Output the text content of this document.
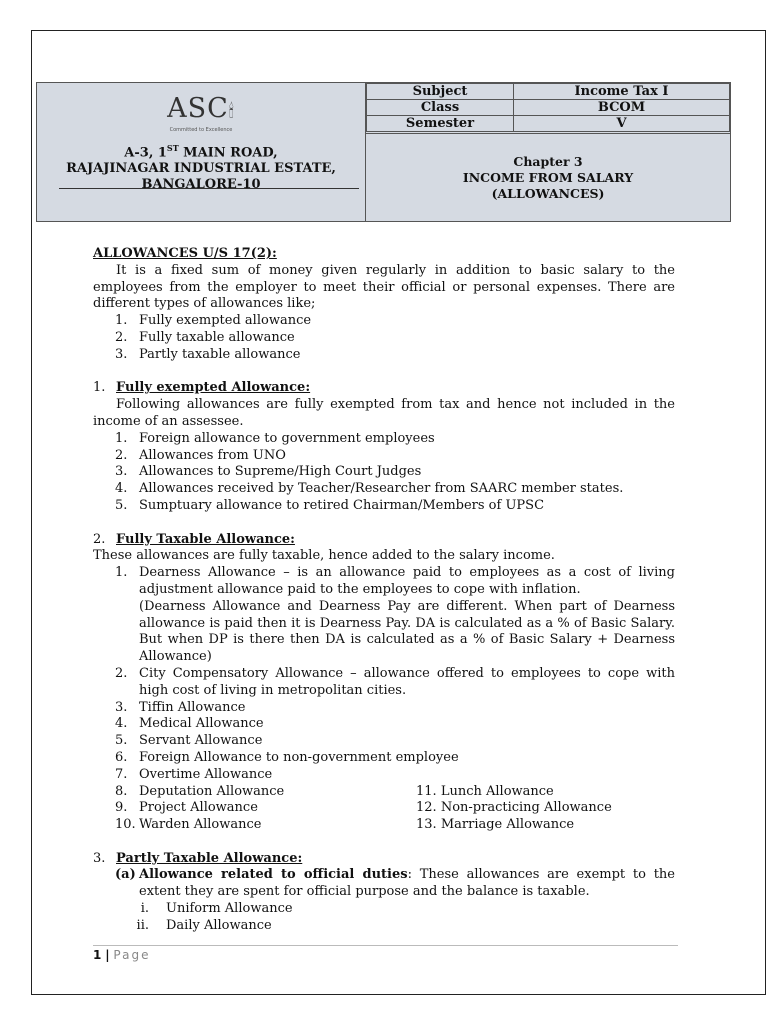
ASC🕯
Committed to Excellence
A-3, 1ST MAIN ROAD,
RAJAJINAGAR INDUSTRIAL ESTATE,
BANGALORE-10
Subject	Income Tax I
Class	BCOM
Semester	V
Chapter 3
INCOME FROM SALARY
(ALLOWANCES)

ALLOWANCES U/S 17(2):

It is a fixed sum of money given regularly in addition to basic salary to the employees from the employer to meet their official or personal expenses. There are different types of allowances like;

1. Fully exempted allowance
2. Fully taxable allowance
3. Partly taxable allowance
1. Fully exempted Allowance:

Following allowances are fully exempted from tax and hence not included in the income of an assessee.

1. Foreign allowance to government employees
2. Allowances from UNO
3. Allowances to Supreme/High Court Judges
4. Allowances received by Teacher/Researcher from SAARC member states.
5. Sumptuary allowance to retired Chairman/Members of UPSC
2. Fully Taxable Allowance:

These allowances are fully taxable, hence added to the salary income.

1. Dearness Allowance – is an allowance paid to employees as a cost of living adjustment allowance paid to the employees to cope with inflation.
(Dearness Allowance and Dearness Pay are different. When part of Dearness allowance is paid then it is Dearness Pay. DA is calculated as a % of Basic Salary. But when DP is there then DA is calculated as a % of Basic Salary + Dearness Allowance)
2. City Compensatory Allowance – allowance offered to employees to cope with high cost of living in metropolitan cities.
3. Tiffin Allowance
4. Medical Allowance
5. Servant Allowance
6. Foreign Allowance to non-government employee
7. Overtime Allowance
8. Deputation Allowance	11. Lunch Allowance
9. Project Allowance	12. Non-practicing Allowance
10. Warden Allowance	13. Marriage Allowance
3. Partly Taxable Allowance:
(a) Allowance related to official duties: These allowances are exempt to the extent they are spent for official purpose and the balance is taxable.
i. Uniform Allowance
ii. Daily Allowance
1 | Page
